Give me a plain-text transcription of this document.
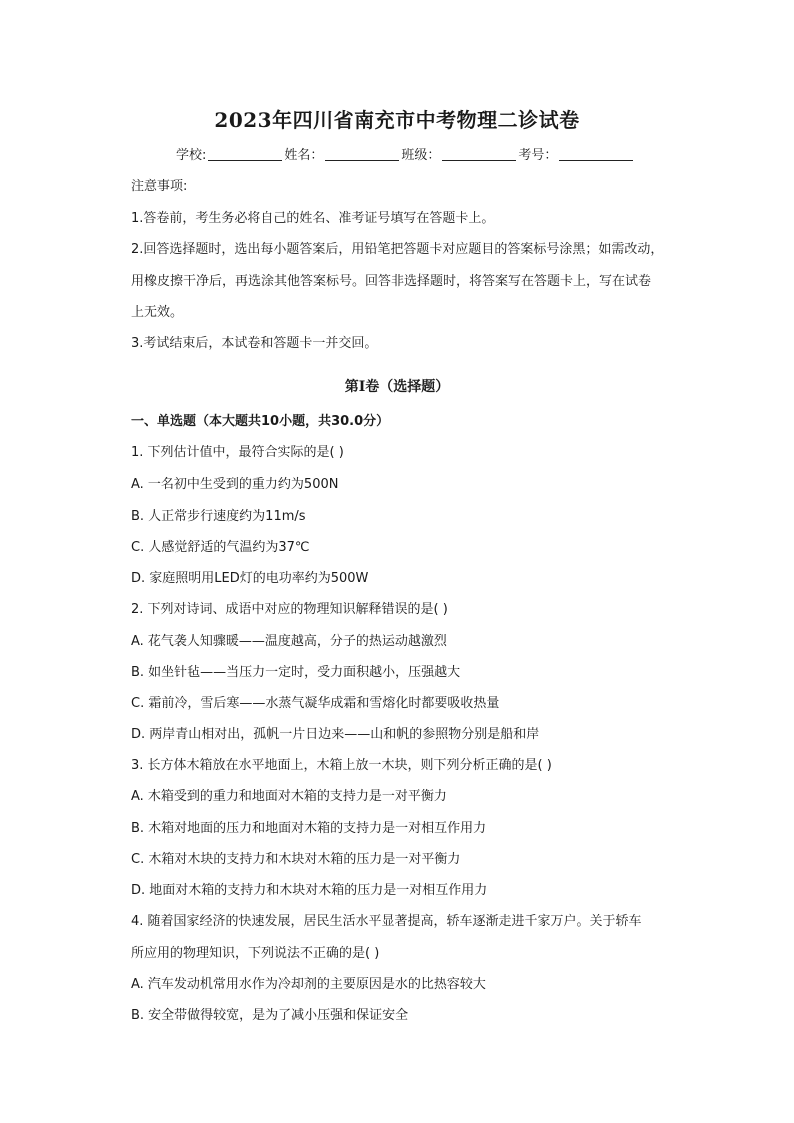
2023年四川省南充市中考物理二诊试卷
学校:	姓名：	班级：	考号：
注意事项:
1.答卷前，考生务必将自己的姓名、准考证号填写在答题卡上。
2.回答选择题时，选出每小题答案后，用铅笔把答题卡对应题目的答案标号涂黑；如需改动，
用橡皮擦干净后，再选涂其他答案标号。回答非选择题时，将答案写在答题卡上，写在试卷
上无效。
3.考试结束后，本试卷和答题卡一并交回。
第Ⅰ卷（选择题）
一、单选题（本大题共10小题，共30.0分）
1. 下列估计值中，最符合实际的是( )
A. 一名初中生受到的重力约为500N
B. 人正常步行速度约为11m/s
C. 人感觉舒适的气温约为37℃
D. 家庭照明用LED灯的电功率约为500W
2. 下列对诗词、成语中对应的物理知识解释错误的是( )
A. 花气袭人知骤暖——温度越高，分子的热运动越激烈
B. 如坐针毡——当压力一定时，受力面积越小，压强越大
C. 霜前冷，雪后寒——水蒸气凝华成霜和雪熔化时都要吸收热量
D. 两岸青山相对出，孤帆一片日边来——山和帆的参照物分别是船和岸
3. 长方体木箱放在水平地面上，木箱上放一木块，则下列分析正确的是( )
A. 木箱受到的重力和地面对木箱的支持力是一对平衡力
B. 木箱对地面的压力和地面对木箱的支持力是一对相互作用力
C. 木箱对木块的支持力和木块对木箱的压力是一对平衡力
D. 地面对木箱的支持力和木块对木箱的压力是一对相互作用力
4. 随着国家经济的快速发展，居民生活水平显著提高，轿车逐渐走进千家万户。关于轿车
所应用的物理知识，下列说法不正确的是( )
A. 汽车发动机常用水作为冷却剂的主要原因是水的比热容较大
B. 安全带做得较宽，是为了减小压强和保证安全
